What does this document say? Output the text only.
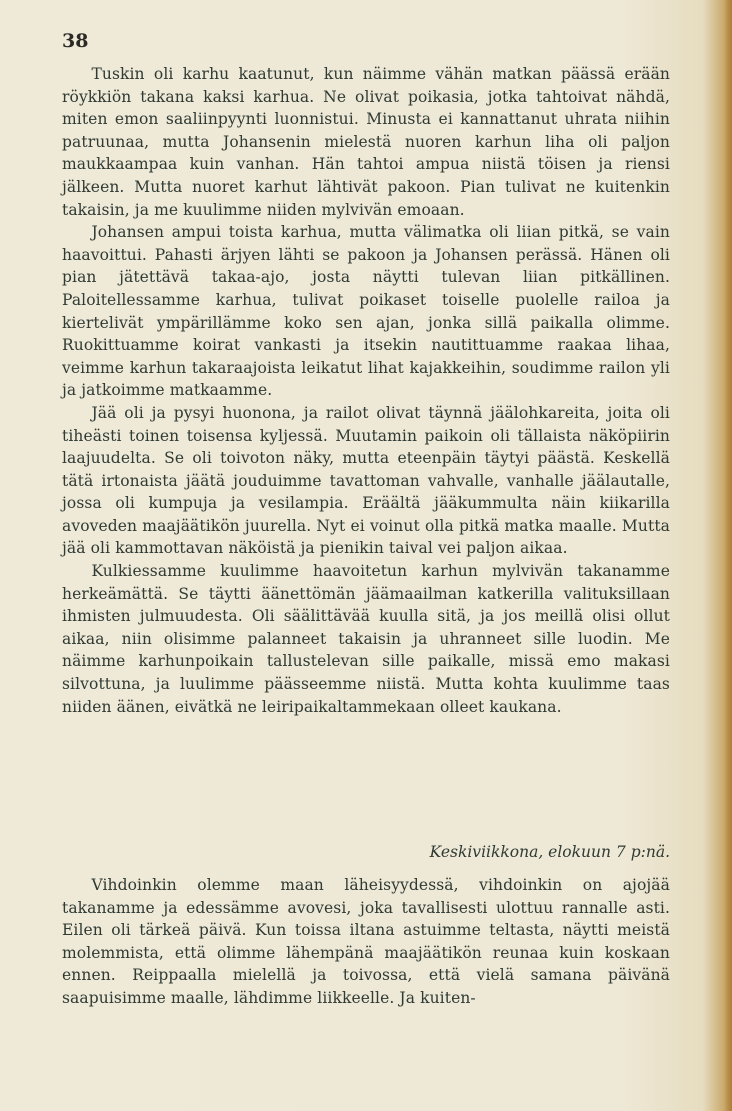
38

Tuskin oli karhu kaatunut, kun näimme vähän matkan päässä erään röykkiön takana kaksi karhua. Ne olivat poikasia, jotka tahtoivat nähdä, miten emon saaliinpyynti luonnistui. Minusta ei kannattanut uhrata niihin patruunaa, mutta Johansenin mielestä nuoren karhun liha oli paljon maukkaampaa kuin vanhan. Hän tahtoi ampua niistä töisen ja riensi jälkeen. Mutta nuoret karhut lähtivät pakoon. Pian tulivat ne kuitenkin takaisin, ja me kuulimme niiden mylvivän emoaan.

Johansen ampui toista karhua, mutta välimatka oli liian pitkä, se vain haavoittui. Pahasti ärjyen lähti se pakoon ja Johansen perässä. Hänen oli pian jätettävä takaa-ajo, josta näytti tulevan liian pitkällinen. Paloitellessamme karhua, tulivat poikaset toiselle puolelle railoa ja kiertelivät ympärillämme koko sen ajan, jonka sillä paikalla olimme. Ruokittuamme koirat vankasti ja itsekin nautittuamme raakaa lihaa, veimme karhun takaraajoista leikatut lihat kajakkeihin, soudimme railon yli ja jatkoimme matkaamme.

Jää oli ja pysyi huonona, ja railot olivat täynnä jäälohkareita, joita oli tiheästi toinen toisensa kyljessä. Muutamin paikoin oli tällaista näköpiirin laajuudelta. Se oli toivoton näky, mutta eteenpäin täytyi päästä. Keskellä tätä irtonaista jäätä jouduimme tavattoman vahvalle, vanhalle jäälautalle, jossa oli kumpuja ja vesilampia. Eräältä jääkummulta näin kiikarilla avoveden maajäätikön juurella. Nyt ei voinut olla pitkä matka maalle. Mutta jää oli kammottavan näköistä ja pienikin taival vei paljon aikaa.

Kulkiessamme kuulimme haavoitetun karhun mylvivän takanamme herkeämättä. Se täytti äänettömän jäämaailman katkerilla valituksillaan ihmisten julmuudesta. Oli säälittävää kuulla sitä, ja jos meillä olisi ollut aikaa, niin olisimme palanneet takaisin ja uhranneet sille luodin. Me näimme karhunpoikain tallustelevan sille paikalle, missä emo makasi silvottuna, ja luulimme päässeemme niistä. Mutta kohta kuulimme taas niiden äänen, eivätkä ne leiripaikaltammekaan olleet kaukana.

Keskiviikkona, elokuun 7 p:nä.

Vihdoinkin olemme maan läheisyydessä, vihdoinkin on ajojää takanamme ja edessämme avovesi, joka tavallisesti ulottuu rannalle asti. Eilen oli tärkeä päivä. Kun toissa iltana astuimme teltasta, näytti meistä molemmista, että olimme lähempänä maajäätikön reunaa kuin koskaan ennen. Reippaalla mielellä ja toivossa, että vielä samana päivänä saapuisimme maalle, lähdimme liikkeelle. Ja kuiten-
